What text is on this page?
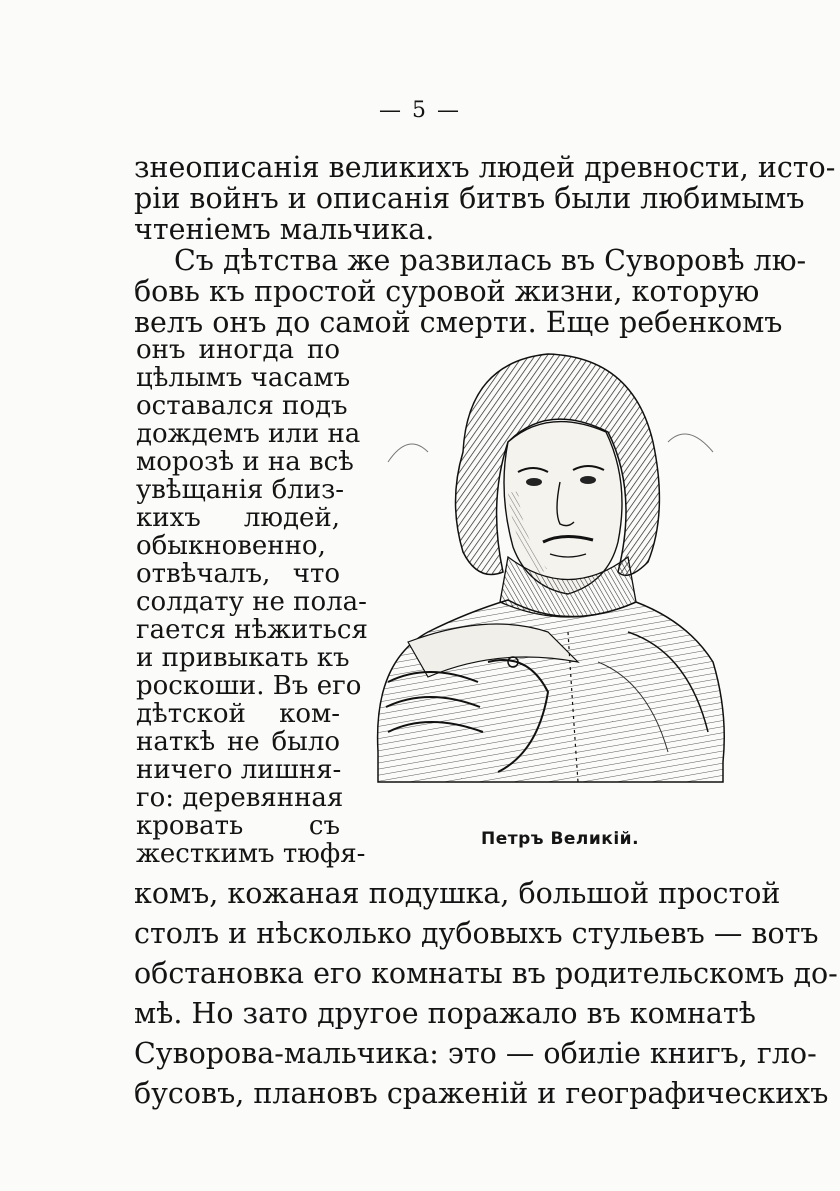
— 5 —
знеописанія великихъ людей древности, исто-
ріи войнъ и описанія битвъ были любимымъ
чтеніемъ мальчика.
Съ дѣтства же развилась въ Суворовѣ лю-
бовь къ простой суровой жизни, которую
велъ онъ до самой смерти. Еще ребенкомъ
онъ иногда по
цѣлымъ часамъ
оставался подъ
дождемъ или на
морозѣ и на всѣ
увѣщанія близ-
кихъ людей,
обыкновенно,
отвѣчалъ, что
солдату не пола-
гается нѣжиться
и привыкать къ
роскоши. Въ его
дѣтской ком-
наткѣ не было
ничего лишня-
го: деревянная
кровать съ
жесткимъ тюфя-
комъ, кожаная подушка, большой простой
столъ и нѣсколько дубовыхъ стульевъ — вотъ
обстановка его комнаты въ родительскомъ до-
мѣ. Но зато другое поражало въ комнатѣ
Суворова-мальчика: это — обиліе книгъ, гло-
бусовъ, плановъ сраженій и географическихъ
Петръ Великій.
